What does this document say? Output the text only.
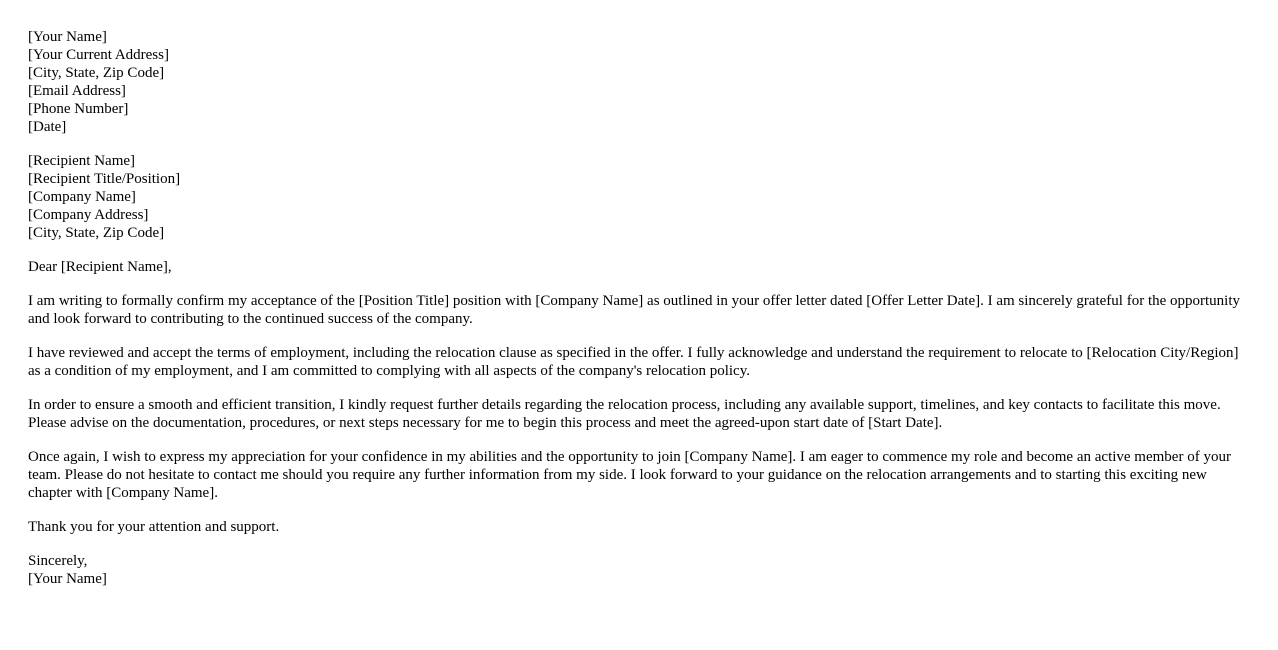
[Your Name]
[Your Current Address]
[City, State, Zip Code]
[Email Address]
[Phone Number]
[Date]
[Recipient Name]
[Recipient Title/Position]
[Company Name]
[Company Address]
[City, State, Zip Code]

Dear [Recipient Name],

I am writing to formally confirm my acceptance of the [Position Title] position with [Company Name] as outlined in your offer letter dated [Offer Letter Date]. I am sincerely grateful for the opportunity and look forward to contributing to the continued success of the company.

I have reviewed and accept the terms of employment, including the relocation clause as specified in the offer. I fully acknowledge and understand the requirement to relocate to [Relocation City/Region] as a condition of my employment, and I am committed to complying with all aspects of the company's relocation policy.

In order to ensure a smooth and efficient transition, I kindly request further details regarding the relocation process, including any available support, timelines, and key contacts to facilitate this move. Please advise on the documentation, procedures, or next steps necessary for me to begin this process and meet the agreed-upon start date of [Start Date].

Once again, I wish to express my appreciation for your confidence in my abilities and the opportunity to join [Company Name]. I am eager to commence my role and become an active member of your team. Please do not hesitate to contact me should you require any further information from my side. I look forward to your guidance on the relocation arrangements and to starting this exciting new chapter with [Company Name].

Thank you for your attention and support.

Sincerely,
[Your Name]
